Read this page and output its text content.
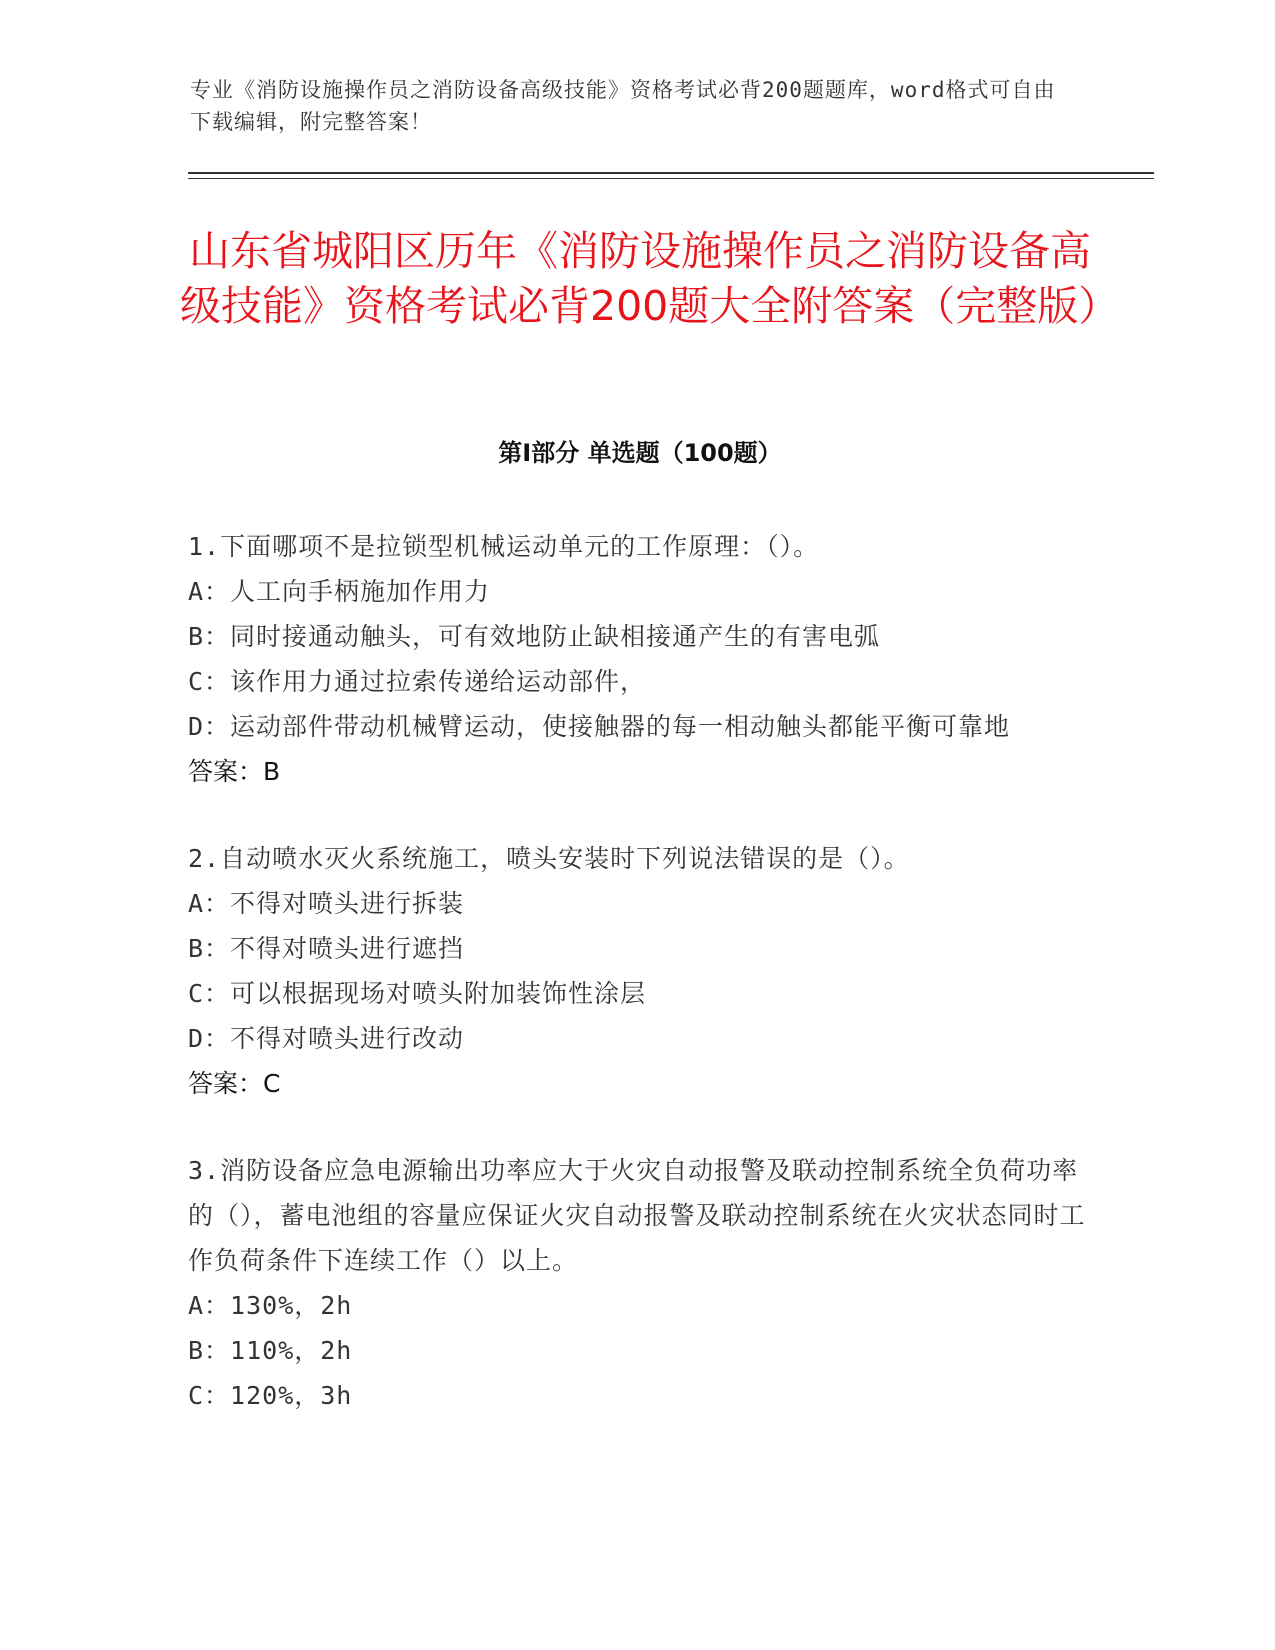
专业《消防设施操作员之消防设备高级技能》资格考试必背200题题库，word格式可自由下载编辑，附完整答案！
山东省城阳区历年《消防设施操作员之消防设备高级技能》资格考试必背200题大全附答案（完整版）
第Ⅰ部分 单选题（100题）

1.下面哪项不是拉锁型机械运动单元的工作原理：（）。

A：人工向手柄施加作用力

B：同时接通动触头，可有效地防止缺相接通产生的有害电弧

C：该作用力通过拉索传递给运动部件，

D：运动部件带动机械臂运动，使接触器的每一相动触头都能平衡可靠地

答案：B

2.自动喷水灭火系统施工，喷头安装时下列说法错误的是（）。

A：不得对喷头进行拆装

B：不得对喷头进行遮挡

C：可以根据现场对喷头附加装饰性涂层

D：不得对喷头进行改动

答案：C

3.消防设备应急电源输出功率应大于火灾自动报警及联动控制系统全负荷功率的（），蓄电池组的容量应保证火灾自动报警及联动控制系统在火灾状态同时工作负荷条件下连续工作（）以上。

A：130%，2h

B：110%，2h

C：120%，3h
